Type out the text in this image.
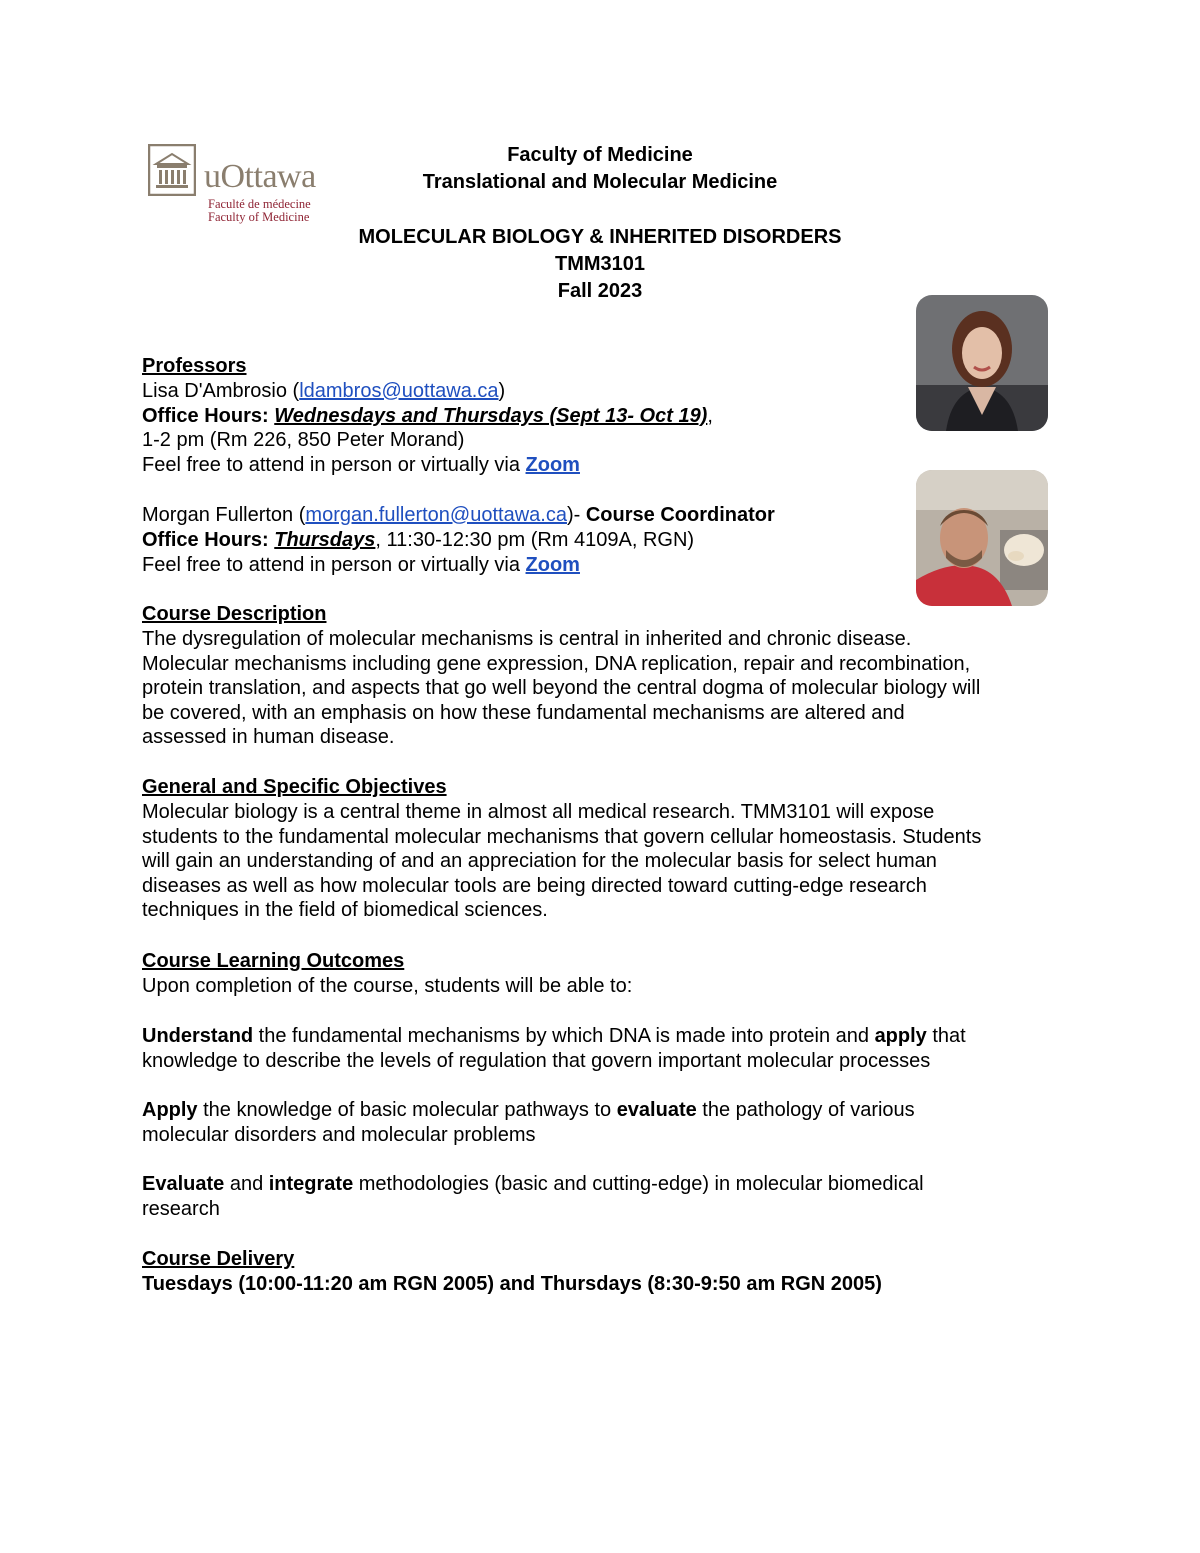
uOttawa
Faculté de médecine
Faculty of Medicine
Faculty of Medicine
Translational and Molecular Medicine
MOLECULAR BIOLOGY & INHERITED DISORDERS
TMM3101
Fall 2023
Professors
Lisa D'Ambrosio (ldambros@uottawa.ca)
Office Hours: Wednesdays and Thursdays (Sept 13- Oct 19),
1-2 pm (Rm 226, 850 Peter Morand)
Feel free to attend in person or virtually via Zoom
Morgan Fullerton (morgan.fullerton@uottawa.ca)- Course Coordinator
Office Hours: Thursdays, 11:30-12:30 pm (Rm 4109A, RGN)
Feel free to attend in person or virtually via Zoom
Course Description
The dysregulation of molecular mechanisms is central in inherited and chronic disease.
Molecular mechanisms including gene expression, DNA replication, repair and recombination,
protein translation, and aspects that go well beyond the central dogma of molecular biology will
be covered, with an emphasis on how these fundamental mechanisms are altered and
assessed in human disease.
General and Specific Objectives
Molecular biology is a central theme in almost all medical research. TMM3101 will expose
students to the fundamental molecular mechanisms that govern cellular homeostasis. Students
will gain an understanding of and an appreciation for the molecular basis for select human
diseases as well as how molecular tools are being directed toward cutting-edge research
techniques in the field of biomedical sciences.
Course Learning Outcomes
Upon completion of the course, students will be able to:
Understand the fundamental mechanisms by which DNA is made into protein and apply that
knowledge to describe the levels of regulation that govern important molecular processes
Apply the knowledge of basic molecular pathways to evaluate the pathology of various
molecular disorders and molecular problems
Evaluate and integrate methodologies (basic and cutting-edge) in molecular biomedical
research
Course Delivery
Tuesdays (10:00-11:20 am RGN 2005) and Thursdays (8:30-9:50 am RGN 2005)
